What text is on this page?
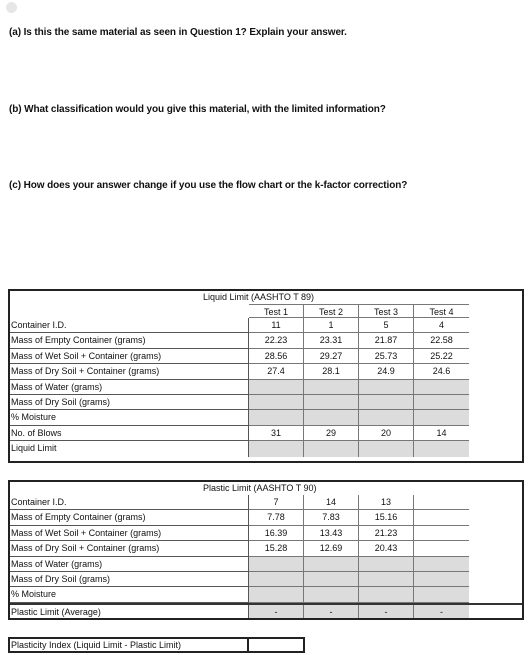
(a) Is this the same material as seen in Question 1? Explain your answer.
(b) What classification would you give this material, with the limited information?
(c) How does your answer change if you use the flow chart or the k-factor correction?
Liquid Limit (AASHTO T 89)
Test 1	Test 2	Test 3	Test 4
Container I.D.	11	1	5	4
Mass of Empty Container (grams)	22.23	23.31	21.87	22.58
Mass of Wet Soil + Container (grams)	28.56	29.27	25.73	25.22
Mass of Dry Soil + Container (grams)	27.4	28.1	24.9	24.6
Mass of Water (grams)
Mass of Dry Soil (grams)
% Moisture
No. of Blows	31	29	20	14
Liquid Limit
Plastic Limit (AASHTO T 90)
Container I.D.	7	14	13
Mass of Empty Container (grams)	7.78	7.83	15.16
Mass of Wet Soil + Container (grams)	16.39	13.43	21.23
Mass of Dry Soil + Container (grams)	15.28	12.69	20.43
Mass of Water (grams)
Mass of Dry Soil (grams)
% Moisture
Plastic Limit (Average)	-	-	-	-
Plasticity Index (Liquid Limit - Plastic Limit)
